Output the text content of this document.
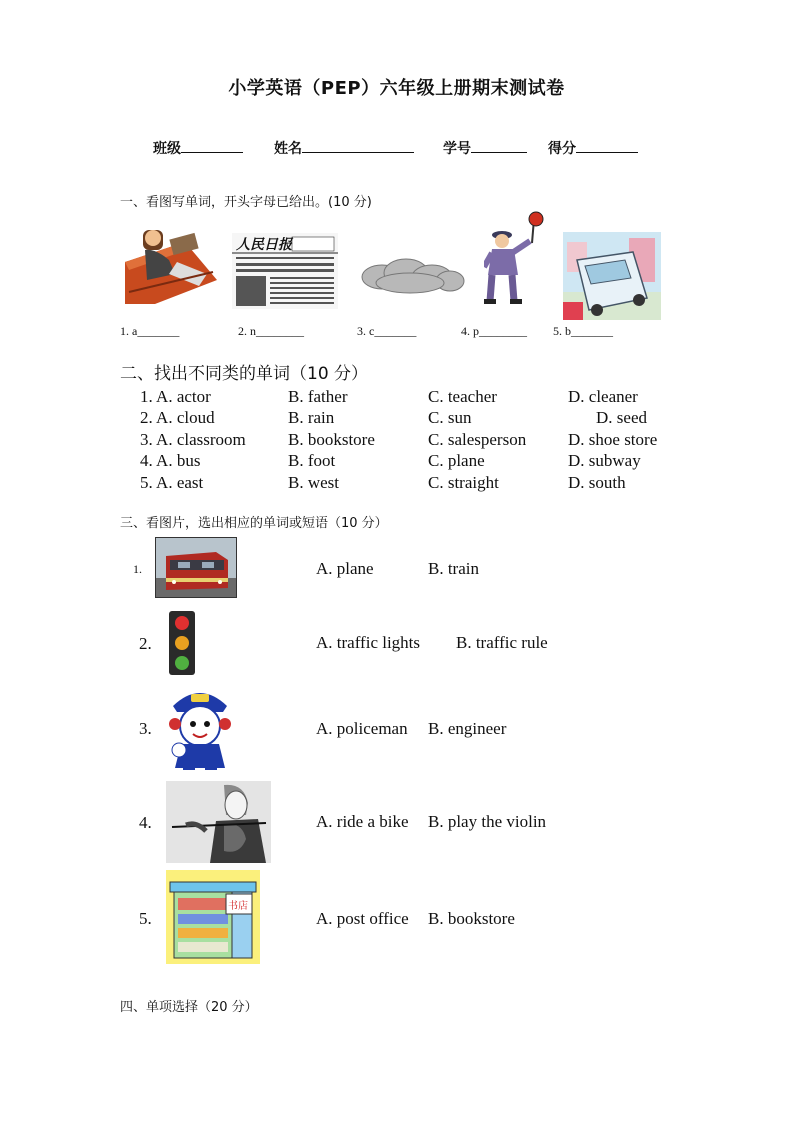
小学英语（PEP）六年级上册期末测试卷
班级	姓名	学号	得分
一、看图写单词，开头字母已给出。(10 分)
人民日报
1. a_______	2. n________	3. c_______	4. p________ 5. b_______
二、找出不同类的单词（10 分）
1. A. actor	B. father	C. teacher	D. cleaner
2. A. cloud	B. rain	C. sun	D. seed
3. A. classroom B. bookstore	C. salesperson D. shoe store
4. A. bus	B. foot	C. plane	D. subway
5. A. east	B. west	C. straight	D. south
三、看图片，选出相应的单词或短语（10 分）
1.	A. plane	B. train
2.	A. traffic lights B. traffic rule
3.	A. policeman B. engineer
4.	A. ride a bike B. play the violin
5.
书店
A. post office B. bookstore
四、单项选择（20 分）
